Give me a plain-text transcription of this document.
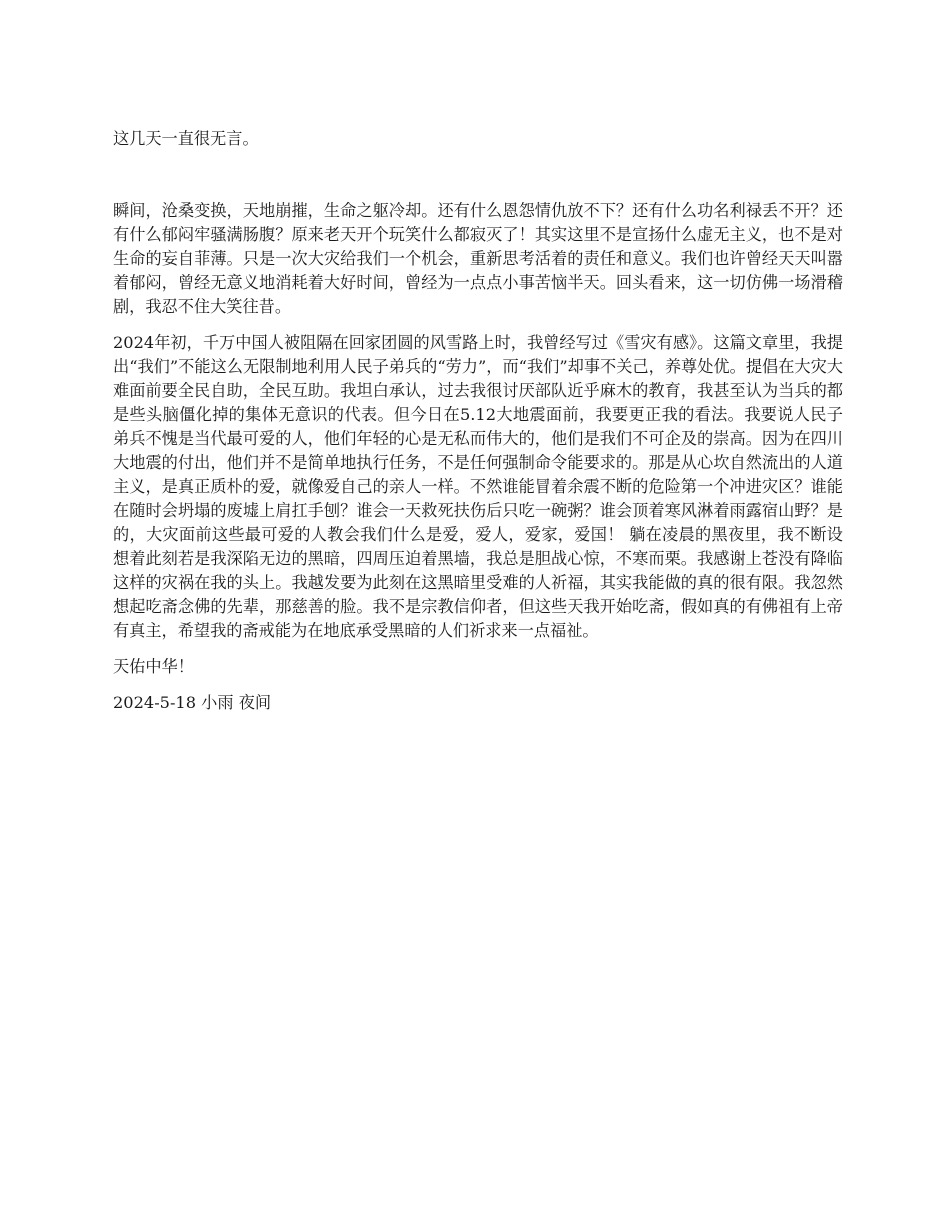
这几天一直很无言。

瞬间，沧桑变换，天地崩摧，生命之躯冷却。还有什么恩怨情仇放不下？还有什么功名利禄丢不开？还有什么郁闷牢骚满肠腹？原来老天开个玩笑什么都寂灭了！其实这里不是宣扬什么虚无主义，也不是对生命的妄自菲薄。只是一次大灾给我们一个机会，重新思考活着的责任和意义。我们也许曾经天天叫嚣着郁闷，曾经无意义地消耗着大好时间，曾经为一点点小事苦恼半天。回头看来，这一切仿佛一场滑稽剧，我忍不住大笑往昔。

2024年初，千万中国人被阻隔在回家团圆的风雪路上时，我曾经写过《雪灾有感》。这篇文章里，我提出“我们”不能这么无限制地利用人民子弟兵的“劳力”，而“我们”却事不关己，养尊处优。提倡在大灾大难面前要全民自助，全民互助。我坦白承认，过去我很讨厌部队近乎麻木的教育，我甚至认为当兵的都是些头脑僵化掉的集体无意识的代表。但今日在5.12大地震面前，我要更正我的看法。我要说人民子弟兵不愧是当代最可爱的人，他们年轻的心是无私而伟大的，他们是我们不可企及的崇高。因为在四川大地震的付出，他们并不是简单地执行任务，不是任何强制命令能要求的。那是从心坎自然流出的人道主义，是真正质朴的爱，就像爱自己的亲人一样。不然谁能冒着余震不断的危险第一个冲进灾区？谁能在随时会坍塌的废墟上肩扛手刨？谁会一天救死扶伤后只吃一碗粥？谁会顶着寒风淋着雨露宿山野？是的，大灾面前这些最可爱的人教会我们什么是爱，爱人，爱家，爱国！ 躺在凌晨的黑夜里，我不断设想着此刻若是我深陷无边的黑暗，四周压迫着黑墙，我总是胆战心惊，不寒而栗。我感谢上苍没有降临这样的灾祸在我的头上。我越发要为此刻在这黑暗里受难的人祈福，其实我能做的真的很有限。我忽然想起吃斋念佛的先辈，那慈善的脸。我不是宗教信仰者，但这些天我开始吃斋，假如真的有佛祖有上帝有真主，希望我的斋戒能为在地底承受黑暗的人们祈求来一点福祉。

天佑中华！

2024-5-18 小雨 夜间
